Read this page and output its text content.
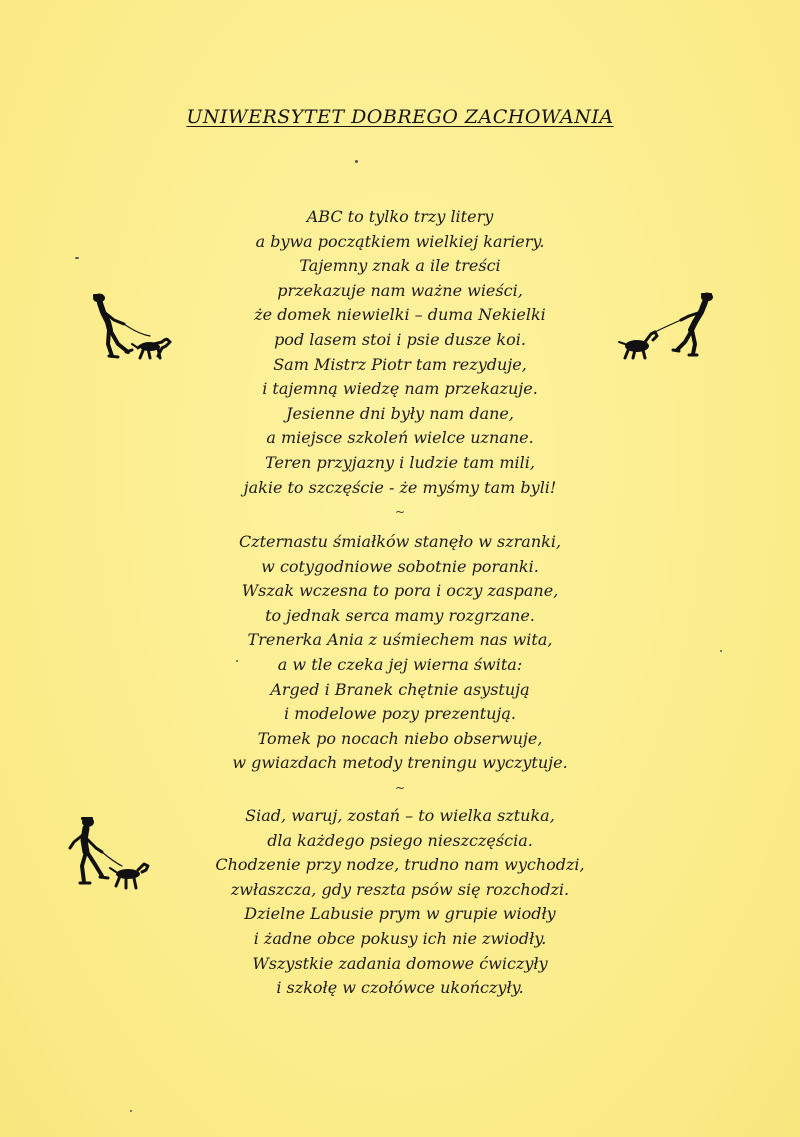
UNIWERSYTET DOBREGO ZACHOWANIA
ABC to tylko trzy litery
a bywa początkiem wielkiej kariery.
Tajemny znak a ile treści
przekazuje nam ważne wieści,
że domek niewielki – duma Nekielki
pod lasem stoi i psie dusze koi.
Sam Mistrz Piotr tam rezyduje,
i tajemną wiedzę nam przekazuje.
Jesienne dni były nam dane,
a miejsce szkoleń wielce uznane.
Teren przyjazny i ludzie tam mili,
jakie to szczęście - że myśmy tam byli!
~
Czternastu śmiałków stanęło w szranki,
w cotygodniowe sobotnie poranki.
Wszak wczesna to pora i oczy zaspane,
to jednak serca mamy rozgrzane.
Trenerka Ania z uśmiechem nas wita,
a w tle czeka jej wierna świta:
Arged i Branek chętnie asystują
i modelowe pozy prezentują.
Tomek po nocach niebo obserwuje,
w gwiazdach metody treningu wyczytuje.
~
Siad, waruj, zostań – to wielka sztuka,
dla każdego psiego nieszczęścia.
Chodzenie przy nodze, trudno nam wychodzi,
zwłaszcza, gdy reszta psów się rozchodzi.
Dzielne Labusie prym w grupie wiodły
i żadne obce pokusy ich nie zwiodły.
Wszystkie zadania domowe ćwiczyły
i szkołę w czołówce ukończyły.
